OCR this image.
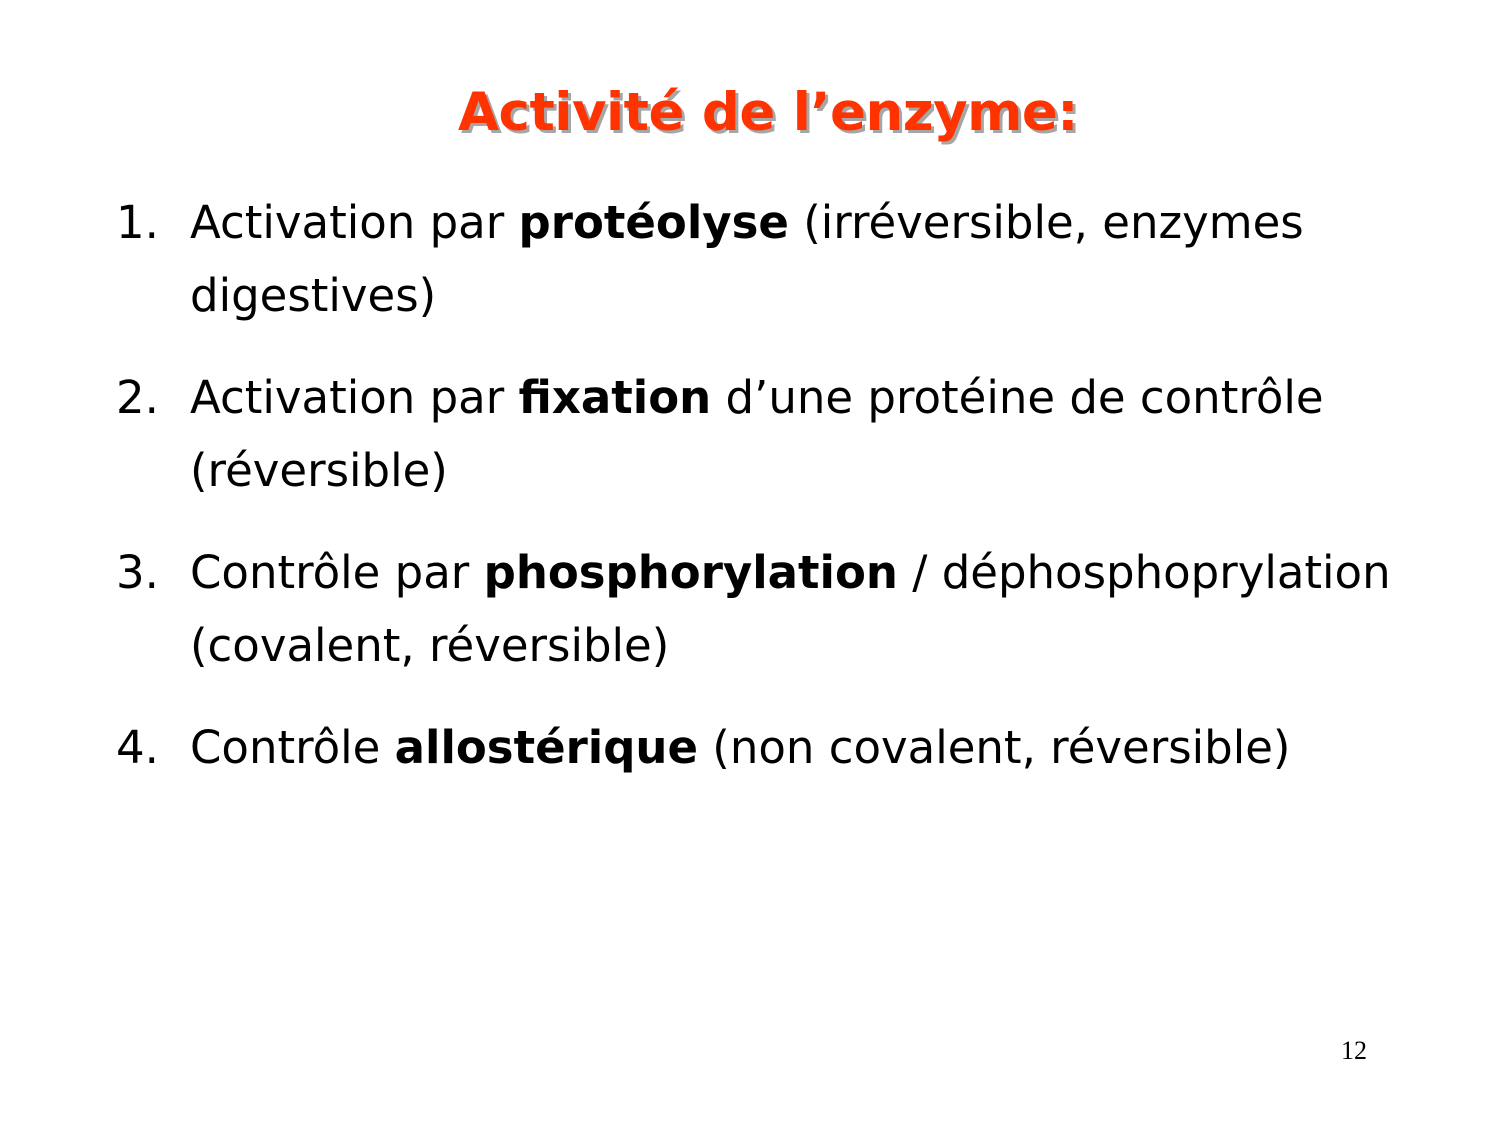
Activité de l’enzyme:
1. Activation par protéolyse (irréversible, enzymes digestives)
2. Activation par fixation d’une protéine de contrôle (réversible)
3. Contrôle par phosphorylation / déphosphoprylation (covalent, réversible)
4. Contrôle allostérique (non covalent, réversible)
12
